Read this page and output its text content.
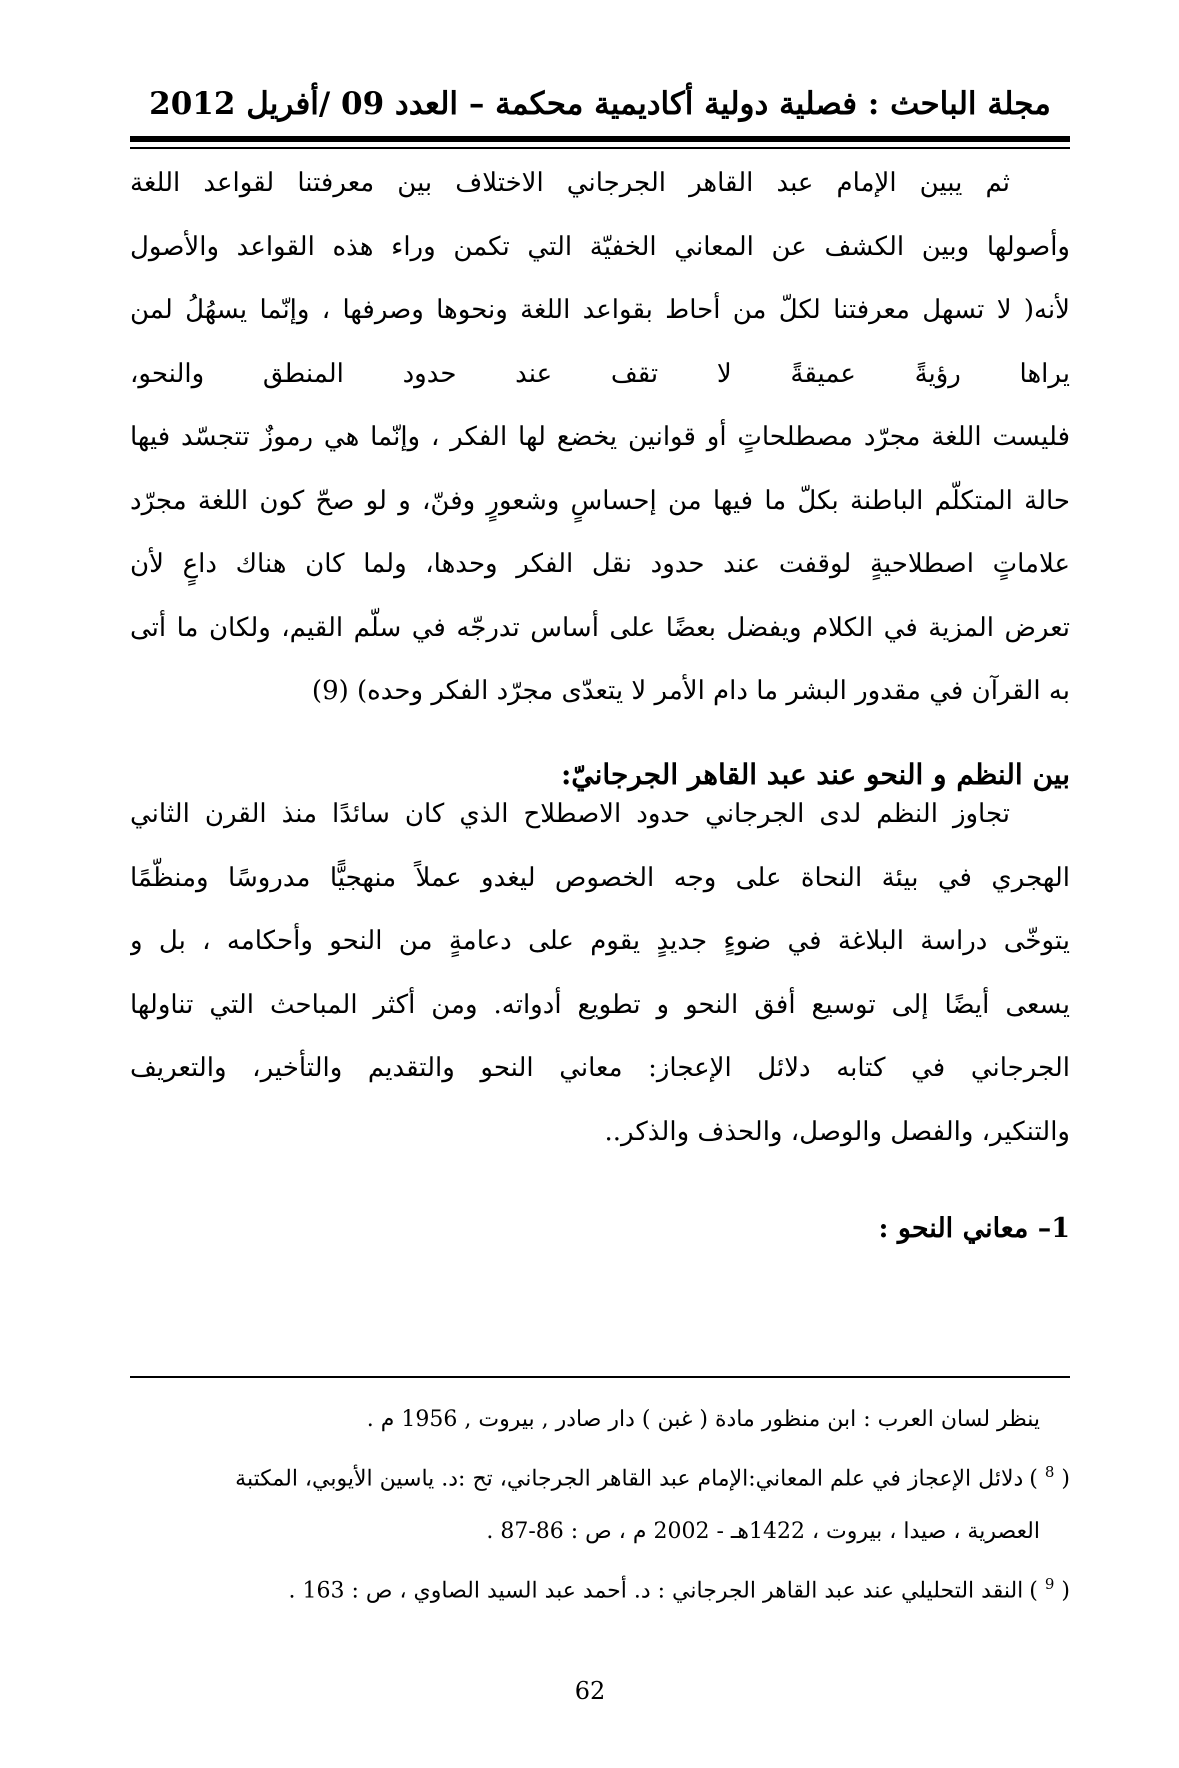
مجلة الباحث : فصلية دولية أكاديمية محكمة – العدد 09 /أفريل 2012
ثم يبين الإمام عبد القاهر الجرجاني الاختلاف بين معرفتنا لقواعد اللغة
وأصولها وبين الكشف عن المعاني الخفيّة التي تكمن وراء هذه القواعد والأصول
لأنه( لا تسهل معرفتنا لكلّ من أحاط بقواعد اللغة ونحوها وصرفها ، وإنّما يسهُلُ لمن
يراها رؤيةً عميقةً لا تقف عند حدود المنطق والنحو،
فليست اللغة مجرّد مصطلحاتٍ أو قوانين يخضع لها الفكر ، وإنّما هي رموزٌ تتجسّد فيها
حالة المتكلّم الباطنة بكلّ ما فيها من إحساسٍ وشعورٍ وفنّ، و لو صحّ كون اللغة مجرّد
علاماتٍ اصطلاحيةٍ لوقفت عند حدود نقل الفكر وحدها، ولما كان هناك داعٍ لأن
تعرض المزية في الكلام ويفضل بعضًا على أساس تدرجّه في سلّم القيم، ولكان ما أتى
به القرآن في مقدور البشر ما دام الأمر لا يتعدّى مجرّد الفكر وحده) (9)
بين النظم و النحو عند عبد القاهر الجرجانيّ:
تجاوز النظم لدى الجرجاني حدود الاصطلاح الذي كان سائدًا منذ القرن الثاني
الهجري في بيئة النحاة على وجه الخصوص ليغدو عملاً منهجيًّا مدروسًا ومنظّمًا
يتوخّى دراسة البلاغة في ضوءٍ جديدٍ يقوم على دعامةٍ من النحو وأحكامه ، بل و
يسعى أيضًا إلى توسيع أفق النحو و تطويع أدواته. ومن أكثر المباحث التي تناولها
الجرجاني في كتابه دلائل الإعجاز: معاني النحو والتقديم والتأخير، والتعريف
والتنكير، والفصل والوصل، والحذف والذكر..
1– معاني النحو :
ينظر لسان العرب : ابن منظور مادة ( غبن ) دار صادر , بيروت , 1956 م .
( $^8$ )دلائل الإعجاز في علم المعاني:الإمام عبد القاهر الجرجاني، تح :د. ياسين الأيوبي، المكتبة
العصرية ، صيدا ، بيروت ، 1422هـ - 2002 م ، ص : 86-87 .
( $^9$ )النقد التحليلي عند عبد القاهر الجرجاني : د. أحمد عبد السيد الصاوي ، ص : 163 .
62
